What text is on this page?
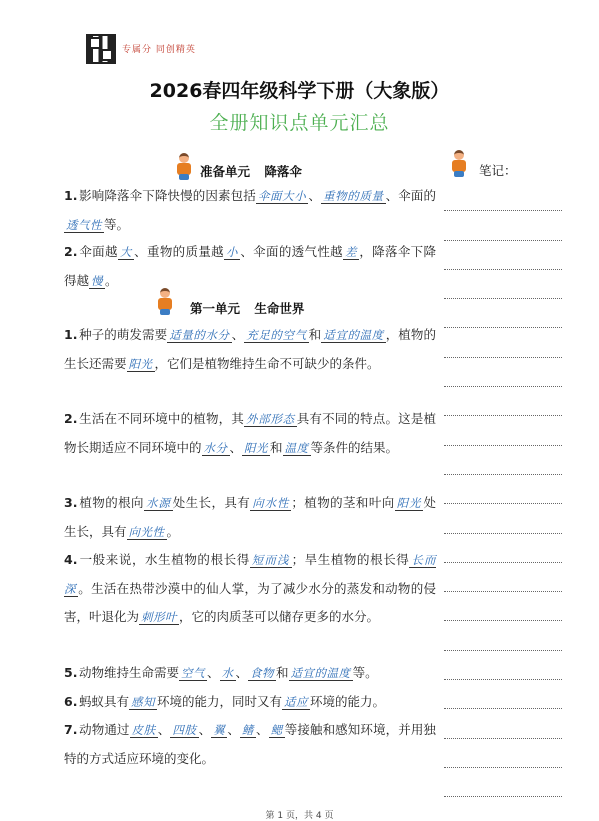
专属分 同创精英
2026春四年级科学下册（大象版）
全册知识点单元汇总
准备单元 降落伞	笔记：
1. 影响降落伞下降快慢的因素包括 伞面大小 、 重物的质量 、伞面的透气性 等。
2. 伞面越 大 、重物的质量越 小 、伞面的透气性越 差 ，降落伞下降得越 慢 。
第一单元 生命世界
1. 种子的萌发需要 适量的水分 、 充足的空气 和 适宜的温度 ，植物的生长还需要 阳光 ，它们是植物维持生命不可缺少的条件。
2. 生活在不同环境中的植物，其 外部形态 具有不同的特点。这是植物长期适应不同环境中的 水分 、 阳光 和 温度 等条件的结果。
3. 植物的根向 水源 处生长，具有 向水性 ；植物的茎和叶向 阳光 处生长，具有 向光性 。
4. 一般来说，水生植物的根长得 短而浅 ；旱生植物的根长得 长而深 。生活在热带沙漠中的仙人掌，为了减少水分的蒸发和动物的侵害，叶退化为 刺形叶 ，它的肉质茎可以储存更多的水分。
5. 动物维持生命需要 空气 、 水 、 食物 和 适宜的温度 等。
6. 蚂蚁具有 感知 环境的能力，同时又有 适应 环境的能力。
7. 动物通过 皮肤 、 四肢 、 翼 、 鳍 、 鳃 等接触和感知环境，并用独特的方式适应环境的变化。
第 1 页，共 4 页
